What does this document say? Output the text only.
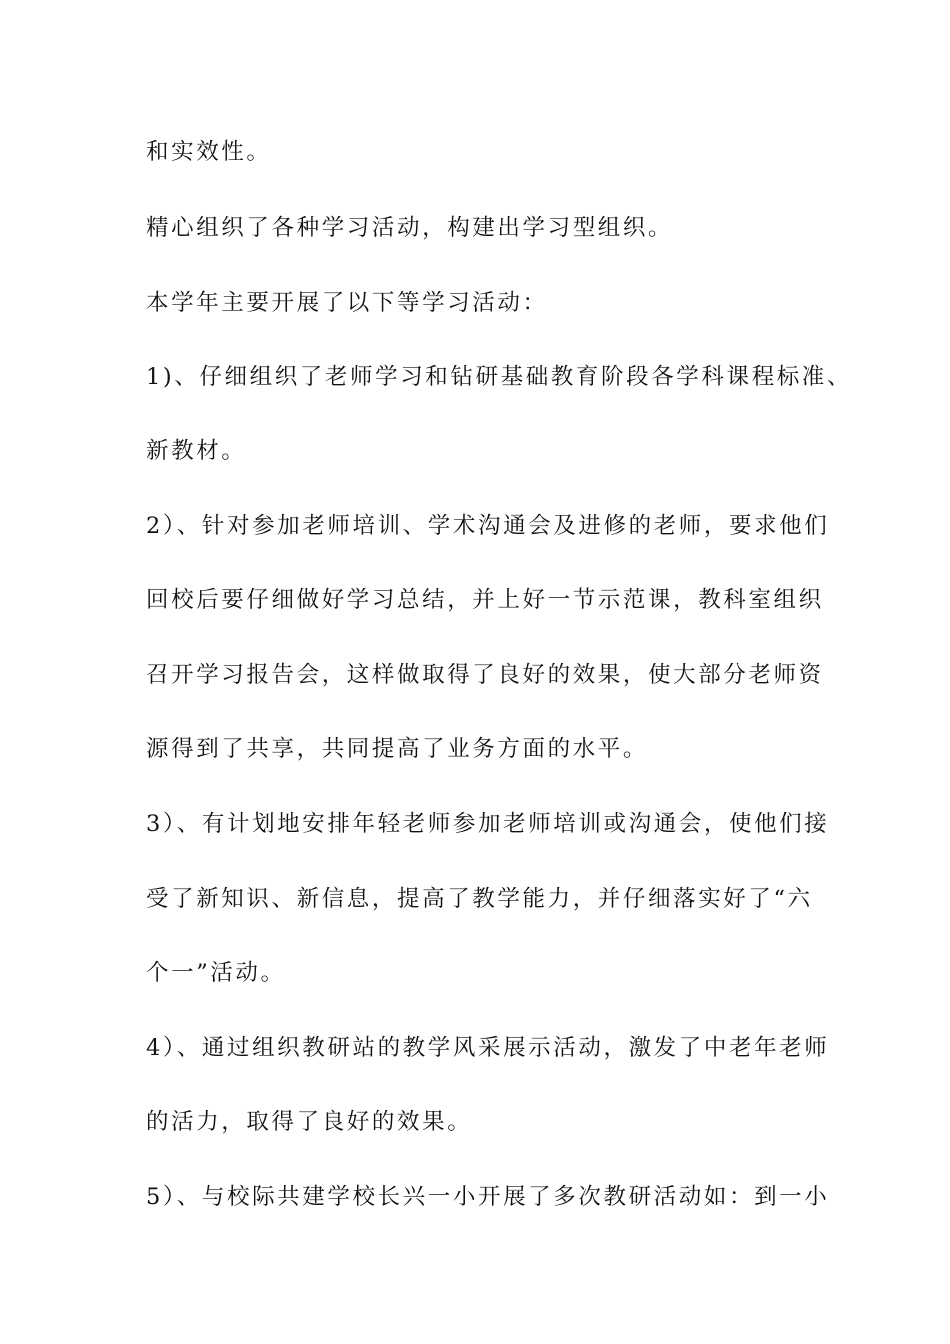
和实效性。
精心组织了各种学习活动，构建出学习型组织。
本学年主要开展了以下等学习活动：
1)、仔细组织了老师学习和钻研基础教育阶段各学科课程标准、
新教材。
2）、针对参加老师培训、学术沟通会及进修的老师，要求他们
回校后要仔细做好学习总结，并上好一节示范课，教科室组织
召开学习报告会，这样做取得了良好的效果，使大部分老师资
源得到了共享，共同提高了业务方面的水平。
3）、有计划地安排年轻老师参加老师培训或沟通会，使他们接
受了新知识、新信息，提高了教学能力，并仔细落实好了“六
个一”活动。
4）、通过组织教研站的教学风采展示活动，激发了中老年老师
的活力，取得了良好的效果。
5）、与校际共建学校长兴一小开展了多次教研活动如：到一小
